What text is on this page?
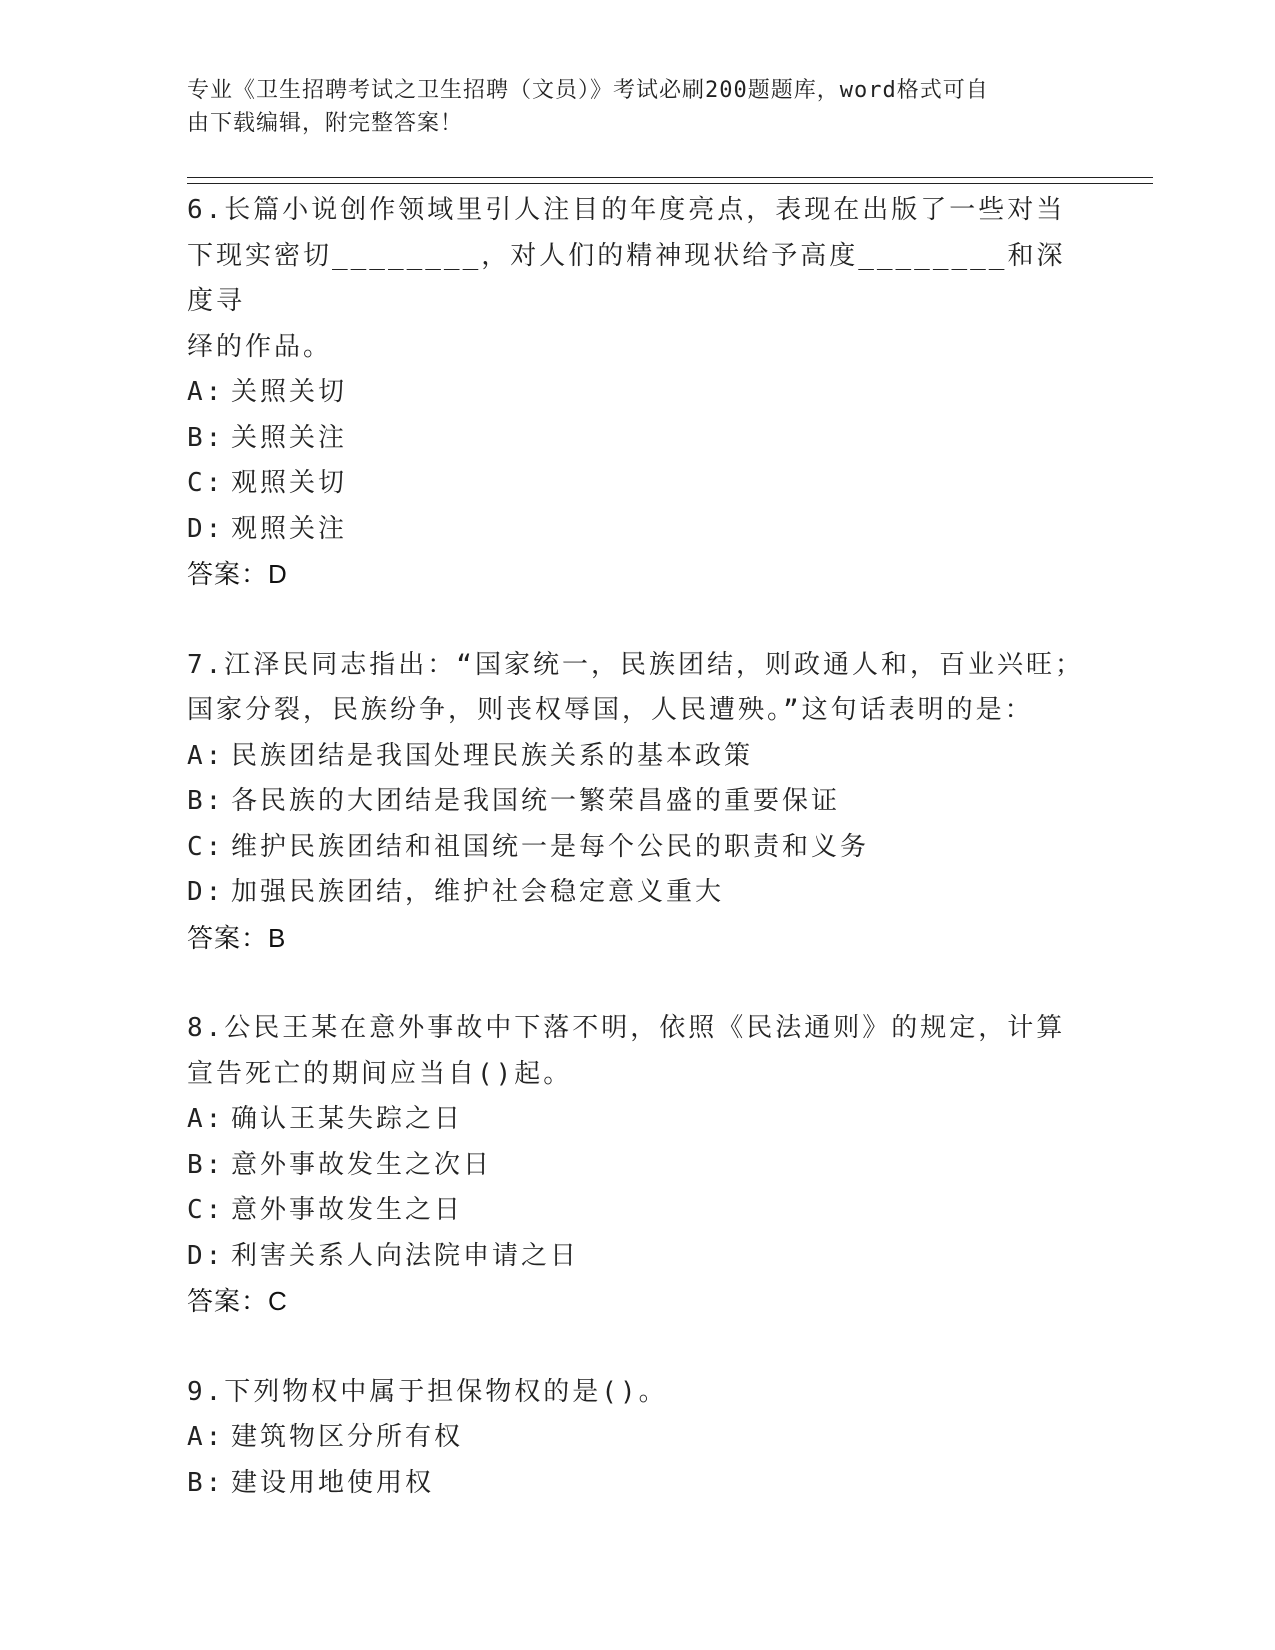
专业《卫生招聘考试之卫生招聘（文员）》考试必刷200题题库，word格式可自
由下载编辑，附完整答案！
6.长篇小说创作领域里引人注目的年度亮点，表现在出版了一些对当
下现实密切________，对人们的精神现状给予高度________和深度寻
绎的作品。
A: 关照关切
B: 关照关注
C: 观照关切
D: 观照关注
答案：D
7.江泽民同志指出：“国家统一，民族团结，则政通人和，百业兴旺；
国家分裂，民族纷争，则丧权辱国，人民遭殃。”这句话表明的是：
A: 民族团结是我国处理民族关系的基本政策
B: 各民族的大团结是我国统一繁荣昌盛的重要保证
C: 维护民族团结和祖国统一是每个公民的职责和义务
D: 加强民族团结，维护社会稳定意义重大
答案：B
8.公民王某在意外事故中下落不明，依照《民法通则》的规定，计算
宣告死亡的期间应当自()起。
A: 确认王某失踪之日
B: 意外事故发生之次日
C: 意外事故发生之日
D: 利害关系人向法院申请之日
答案：C
9.下列物权中属于担保物权的是()。
A: 建筑物区分所有权
B: 建设用地使用权
